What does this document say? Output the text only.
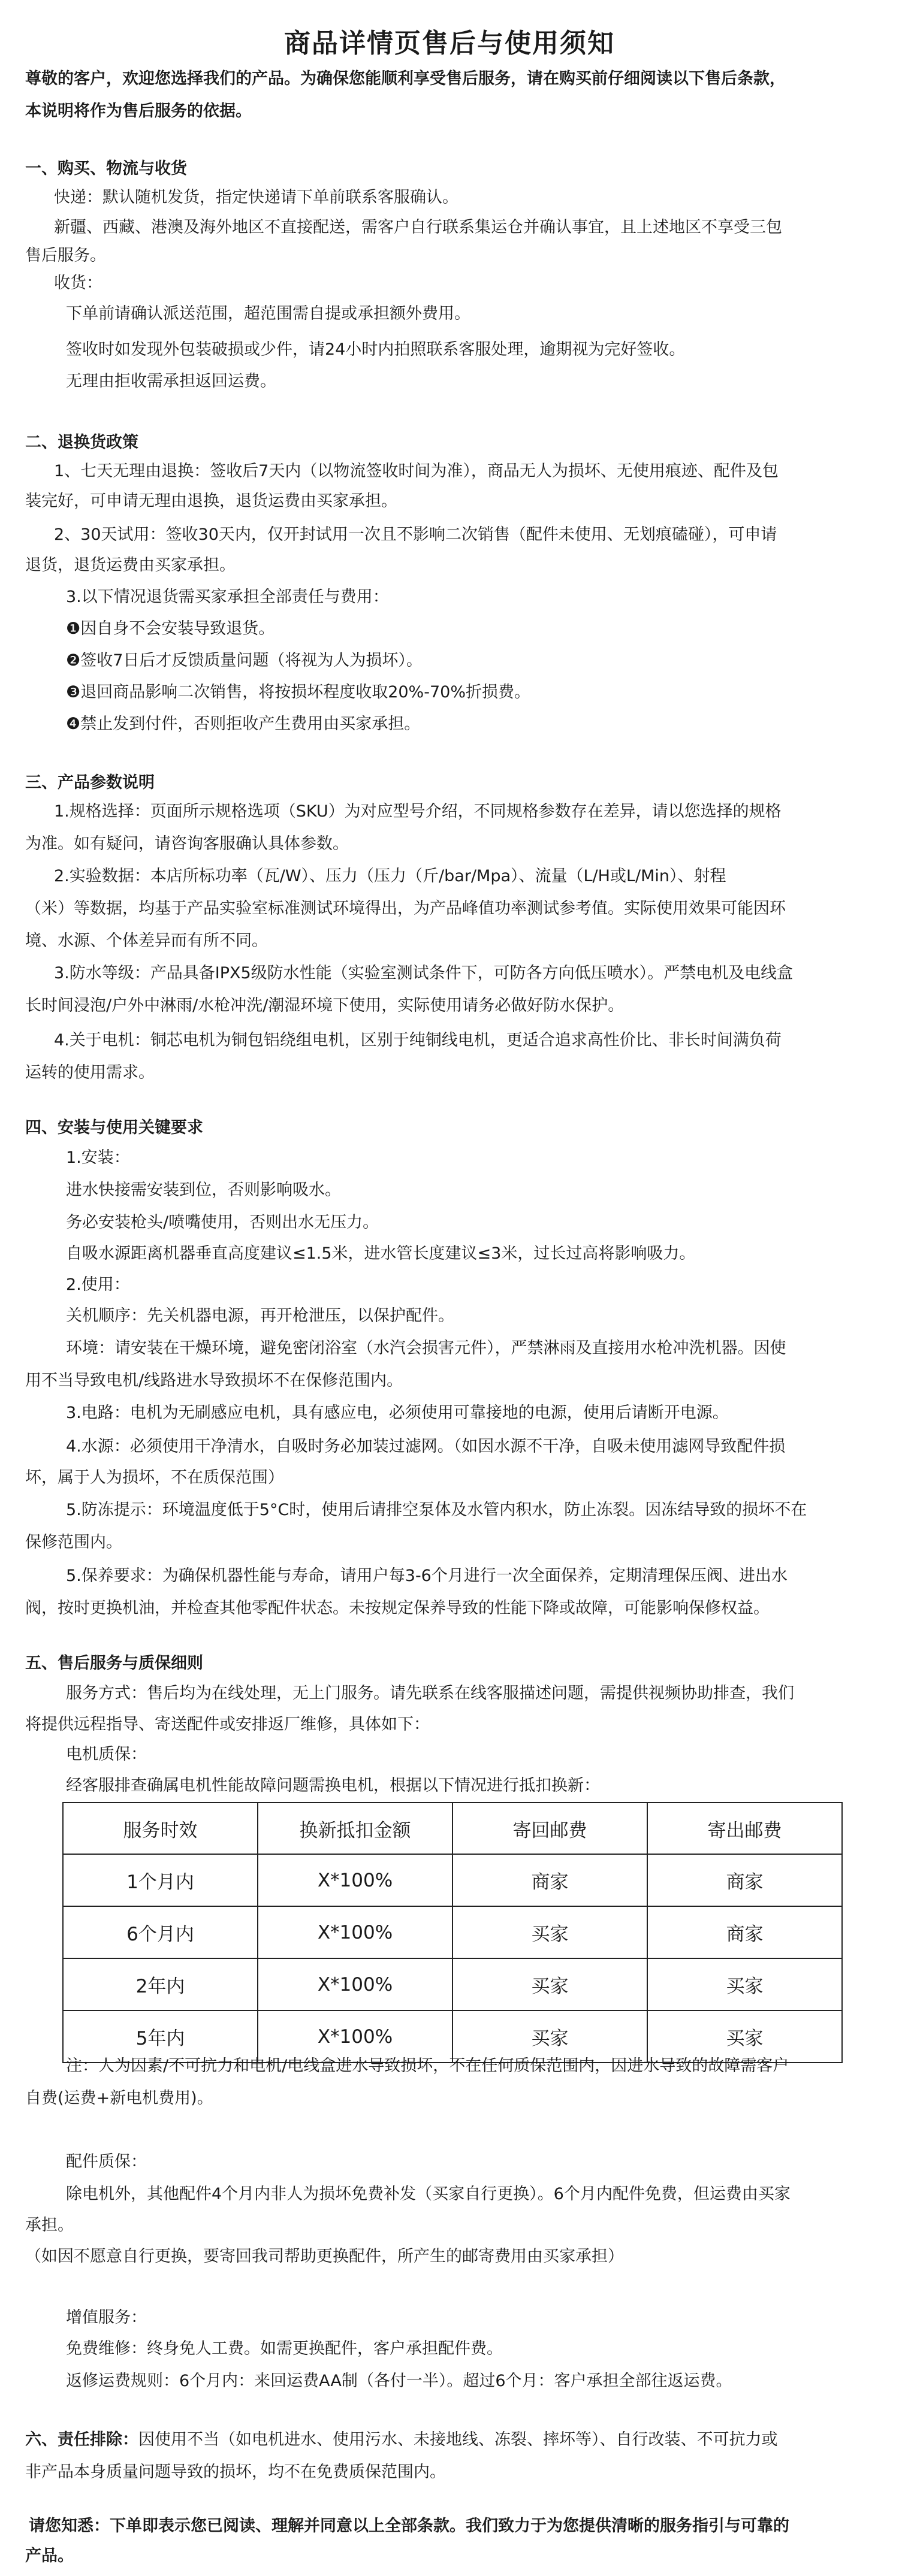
商品详情页售后与使用须知
尊敬的客户，欢迎您选择我们的产品。为确保您能顺利享受售后服务，请在购买前仔细阅读以下售后条款，
本说明将作为售后服务的依据。
一、购买、物流与收货
快递：默认随机发货，指定快递请下单前联系客服确认。
新疆、西藏、港澳及海外地区不直接配送，需客户自行联系集运仓并确认事宜，且上述地区不享受三包
售后服务。
收货：
下单前请确认派送范围，超范围需自提或承担额外费用。
签收时如发现外包装破损或少件，请24小时内拍照联系客服处理，逾期视为完好签收。
无理由拒收需承担返回运费。
二、退换货政策
1、七天无理由退换：签收后7天内（以物流签收时间为准），商品无人为损坏、无使用痕迹、配件及包
装完好，可申请无理由退换，退货运费由买家承担。
2、30天试用：签收30天内，仅开封试用一次且不影响二次销售（配件未使用、无划痕磕碰），可申请
退货，退货运费由买家承担。
3.以下情况退货需买家承担全部责任与费用：
❶因自身不会安装导致退货。
❷签收7日后才反馈质量问题（将视为人为损坏）。
❸退回商品影响二次销售，将按损坏程度收取20%-70%折损费。
❹禁止发到付件，否则拒收产生费用由买家承担。
三、产品参数说明
1.规格选择：页面所示规格选项（SKU）为对应型号介绍，不同规格参数存在差异，请以您选择的规格
为准。如有疑问，请咨询客服确认具体参数。
2.实验数据：本店所标功率（瓦/W）、压力（压力（斤/bar/Mpa）、流量（L/H或L/Min）、射程
（米）等数据，均基于产品实验室标准测试环境得出，为产品峰值功率测试参考值。实际使用效果可能因环
境、水源、个体差异而有所不同。
3.防水等级：产品具备IPX5级防水性能（实验室测试条件下，可防各方向低压喷水）。严禁电机及电线盒
长时间浸泡/户外中淋雨/水枪冲洗/潮湿环境下使用，实际使用请务必做好防水保护。
4.关于电机：铜芯电机为铜包铝绕组电机，区别于纯铜线电机，更适合追求高性价比、非长时间满负荷
运转的使用需求。
四、安装与使用关键要求
1.安装：
进水快接需安装到位，否则影响吸水。
务必安装枪头/喷嘴使用，否则出水无压力。
自吸水源距离机器垂直高度建议≤1.5米，进水管长度建议≤3米，过长过高将影响吸力。
2.使用：
关机顺序：先关机器电源，再开枪泄压，以保护配件。
环境：请安装在干燥环境，避免密闭浴室（水汽会损害元件），严禁淋雨及直接用水枪冲洗机器。因使
用不当导致电机/线路进水导致损坏不在保修范围内。
3.电路：电机为无刷感应电机，具有感应电，必须使用可靠接地的电源，使用后请断开电源。
4.水源：必须使用干净清水，自吸时务必加装过滤网。（如因水源不干净，自吸未使用滤网导致配件损
坏，属于人为损坏，不在质保范围）
5.防冻提示：环境温度低于5°C时，使用后请排空泵体及水管内积水，防止冻裂。因冻结导致的损坏不在
保修范围内。
5.保养要求：为确保机器性能与寿命，请用户每3-6个月进行一次全面保养，定期清理保压阀、进出水
阀，按时更换机油，并检查其他零配件状态。未按规定保养导致的性能下降或故障，可能影响保修权益。
五、售后服务与质保细则
服务方式：售后均为在线处理，无上门服务。请先联系在线客服描述问题，需提供视频协助排查，我们
将提供远程指导、寄送配件或安排返厂维修，具体如下：
电机质保：
经客服排查确属电机性能故障问题需换电机，根据以下情况进行抵扣换新：
服务时效	换新抵扣金额	寄回邮费	寄出邮费
1个月内	X*100%	商家	商家
6个月内	X*100%	买家	商家
2年内	X*100%	买家	买家
5年内	X*100%	买家	买家
注：人为因素/不可抗力和电机/电线盒进水导致损坏，不在任何质保范围内，因进水导致的故障需客户
自费(运费+新电机费用)。
配件质保：
除电机外，其他配件4个月内非人为损坏免费补发（买家自行更换）。6个月内配件免费，但运费由买家
承担。
（如因不愿意自行更换，要寄回我司帮助更换配件，所产生的邮寄费用由买家承担）
增值服务：
免费维修：终身免人工费。如需更换配件，客户承担配件费。
返修运费规则：6个月内：来回运费AA制（各付一半）。超过6个月：客户承担全部往返运费。
六、责任排除：因使用不当（如电机进水、使用污水、未接地线、冻裂、摔坏等）、自行改装、不可抗力或
非产品本身质量问题导致的损坏，均不在免费质保范围内。
请您知悉：下单即表示您已阅读、理解并同意以上全部条款。我们致力于为您提供清晰的服务指引与可靠的
产品。
